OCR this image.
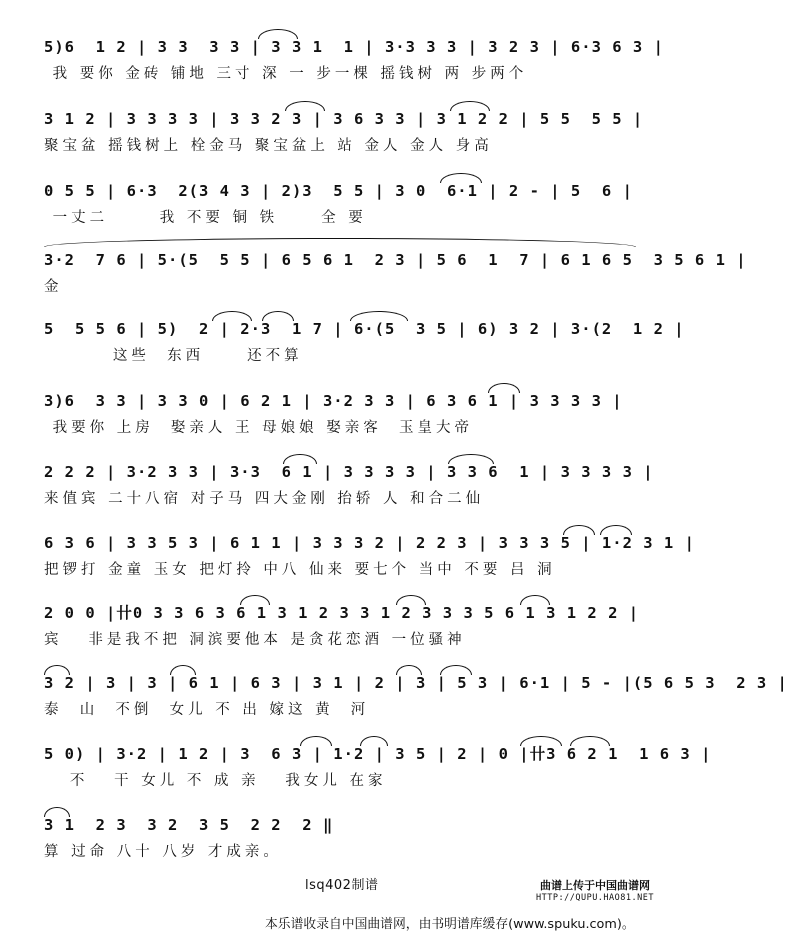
5)6  1 2 | 3 3  3 3 | 3 3 1  1 | 3·3 3 3 | 3 2 3 | 6·3 6 3 |
我 要你 金砖 铺地 三寸 深 一 步一棵 摇钱树 两 步两个
3 1 2 | 3 3 3 3 | 3 3 2 3 | 3 6 3 3 | 3 1 2 2 | 5 5  5 5 |
聚宝盆 摇钱树上 栓金马 聚宝盆上 站 金人 金人 身高
0 5 5 | 6·3  2(3 4 3 | 2)3  5 5 | 3 0  6·1 | 2 - | 5  6 |
一丈二      我 不要 铜 铁     全 要
3·2  7 6 | 5·(5  5 5 | 6 5 6 1  2 3 | 5 6  1  7 | 6 1 6 5  3 5 6 1 |
金
5  5 5 6 | 5)  2 | 2·3  1 7 | 6·(5  3 5 | 6) 3 2 | 3·(2  1 2 |
这些  东西     还不算
3)6  3 3 | 3 3 0 | 6 2 1 | 3·2 3 3 | 6 3 6 1 | 3 3 3 3 |
我要你 上房  娶亲人 王 母娘娘 娶亲客  玉皇大帝
2 2 2 | 3·2 3 3 | 3·3  6 1 | 3 3 3 3 | 3 3 6  1 | 3 3 3 3 |
来值宾 二十八宿 对子马 四大金刚 抬轿 人 和合二仙
6 3 6 | 3 3 5 3 | 6 1 1 | 3 3 3 2 | 2 2 3 | 3 3 3 5 | 1·2 3 1 |
把锣打 金童 玉女 把灯拎 中八 仙来 要七个 当中 不要 吕 洞
2 0 0 |卄0 3 3 6 3 6 1 3 1 2 3 3 1 2 3 3 3 5 6 1 3 1 2 2 |
宾   非是我不把 洞滨要他本 是贪花恋酒 一位骚神
3 2 | 3 | 3 | 6 1 | 6 3 | 3 1 | 2 | 3 | 5 3 | 6·1 | 5 - |(5 6 5 3  2 3 |
泰  山  不倒  女儿 不 出 嫁这 黄  河
5 0) | 3·2 | 1 2 | 3  6 3 | 1·2 | 3 5 | 2 | 0 |卄3 6 2 1  1 6 3 |
不   干 女儿 不 成 亲   我女儿 在家
3 1  2 3  3 2  3 5  2 2  2 ‖
算 过命 八十 八岁 才成亲。
lsq402制谱	曲谱上传于中国曲谱网
HTTP://QUPU.HAO81.NET
本乐谱收录自中国曲谱网，由书明谱库缓存(www.spuku.com)。
